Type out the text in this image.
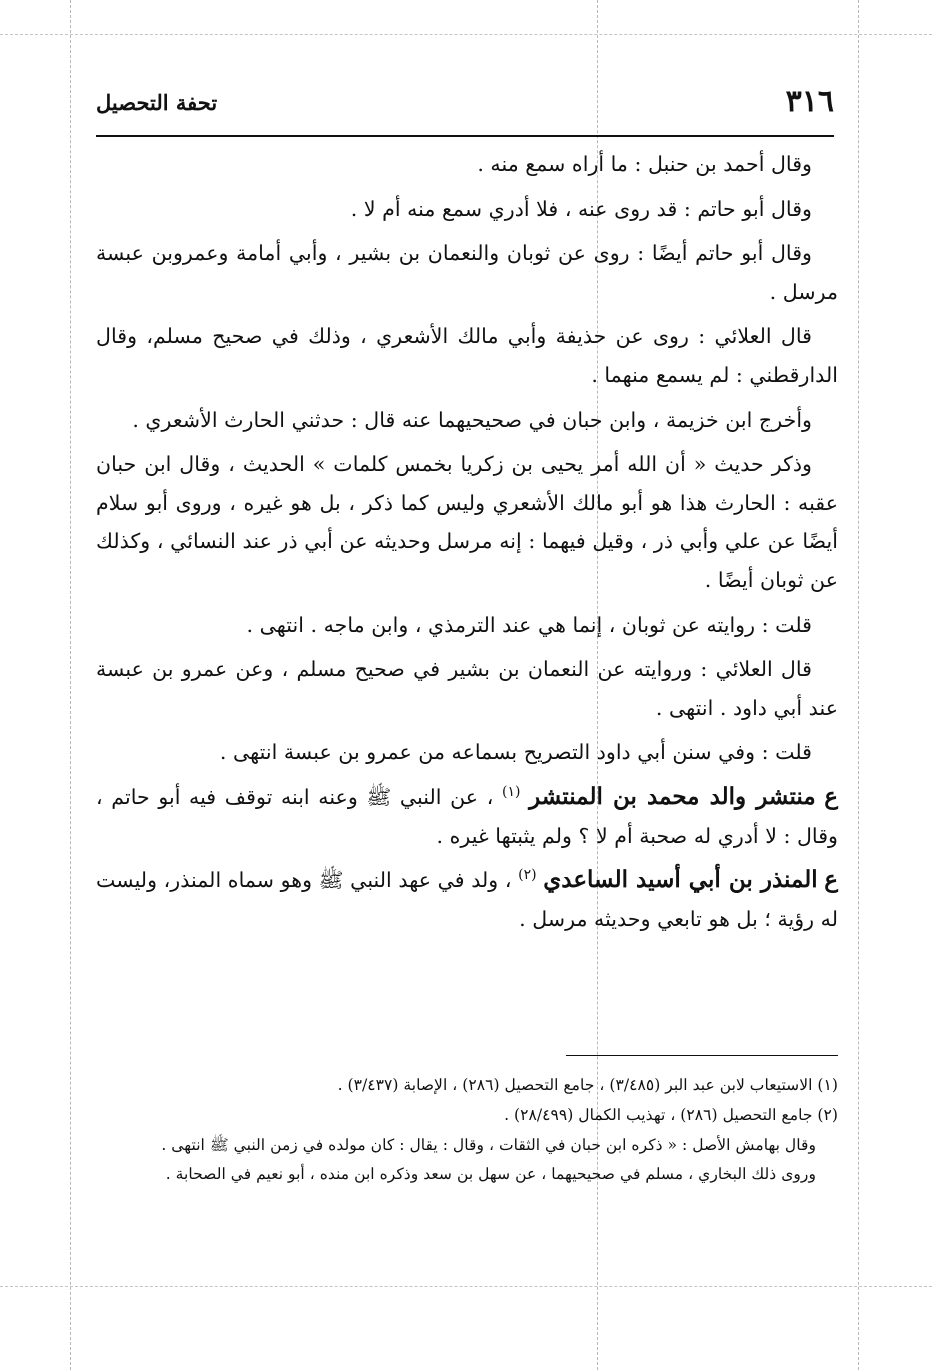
٣١٦
تحفة التحصيل

وقال أحمد بن حنبل : ما أراه سمع منه .

وقال أبو حاتم : قد روى عنه ، فلا أدري سمع منه أم لا .

وقال أبو حاتم أيضًا : روى عن ثوبان والنعمان بن بشير ، وأبي أمامة وعمروبن عبسة مرسل .

قال العلائي : روى عن حذيفة وأبي مالك الأشعري ، وذلك في صحيح مسلم، وقال الدارقطني : لم يسمع منهما .

وأخرج ابن خزيمة ، وابن حبان في صحيحيهما عنه قال : حدثني الحارث الأشعري .

وذكر حديث « أن الله أمر يحيى بن زكريا بخمس كلمات » الحديث ، وقال ابن حبان عقبه : الحارث هذا هو أبو مالك الأشعري وليس كما ذكر ، بل هو غيره ، وروى أبو سلام أيضًا عن علي وأبي ذر ، وقيل فيهما : إنه مرسل وحديثه عن أبي ذر عند النسائي ، وكذلك عن ثوبان أيضًا .

قلت : روايته عن ثوبان ، إنما هي عند الترمذي ، وابن ماجه . انتهى .

قال العلائي : وروايته عن النعمان بن بشير في صحيح مسلم ، وعن عمرو بن عبسة عند أبي داود . انتهى .

قلت : وفي سنن أبي داود التصريح بسماعه من عمرو بن عبسة انتهى .

ع منتشر والد محمد بن المنتشر $^{(١)}$ ، عن النبي ﷺ وعنه ابنه توقف فيه أبو حاتم ، وقال : لا أدري له صحبة أم لا ؟ ولم يثبتها غيره .

ع المنذر بن أبي أسيد الساعدي $^{(٢)}$ ، ولد في عهد النبي ﷺ وهو سماه المنذر، وليست له رؤية ؛ بل هو تابعي وحديثه مرسل .

(١) الاستيعاب لابن عبد البر (٣/٤٨٥) ، جامع التحصيل (٢٨٦) ، الإصابة (٣/٤٣٧) .

(٢) جامع التحصيل (٢٨٦) ، تهذيب الكمال (٢٨/٤٩٩) .

وقال بهامش الأصل : « ذكره ابن حبان في الثقات ، وقال : يقال : كان مولده في زمن النبي ﷺ انتهى .

وروى ذلك البخاري ، مسلم في صحيحيهما ، عن سهل بن سعد وذكره ابن منده ، أبو نعيم في الصحابة .
